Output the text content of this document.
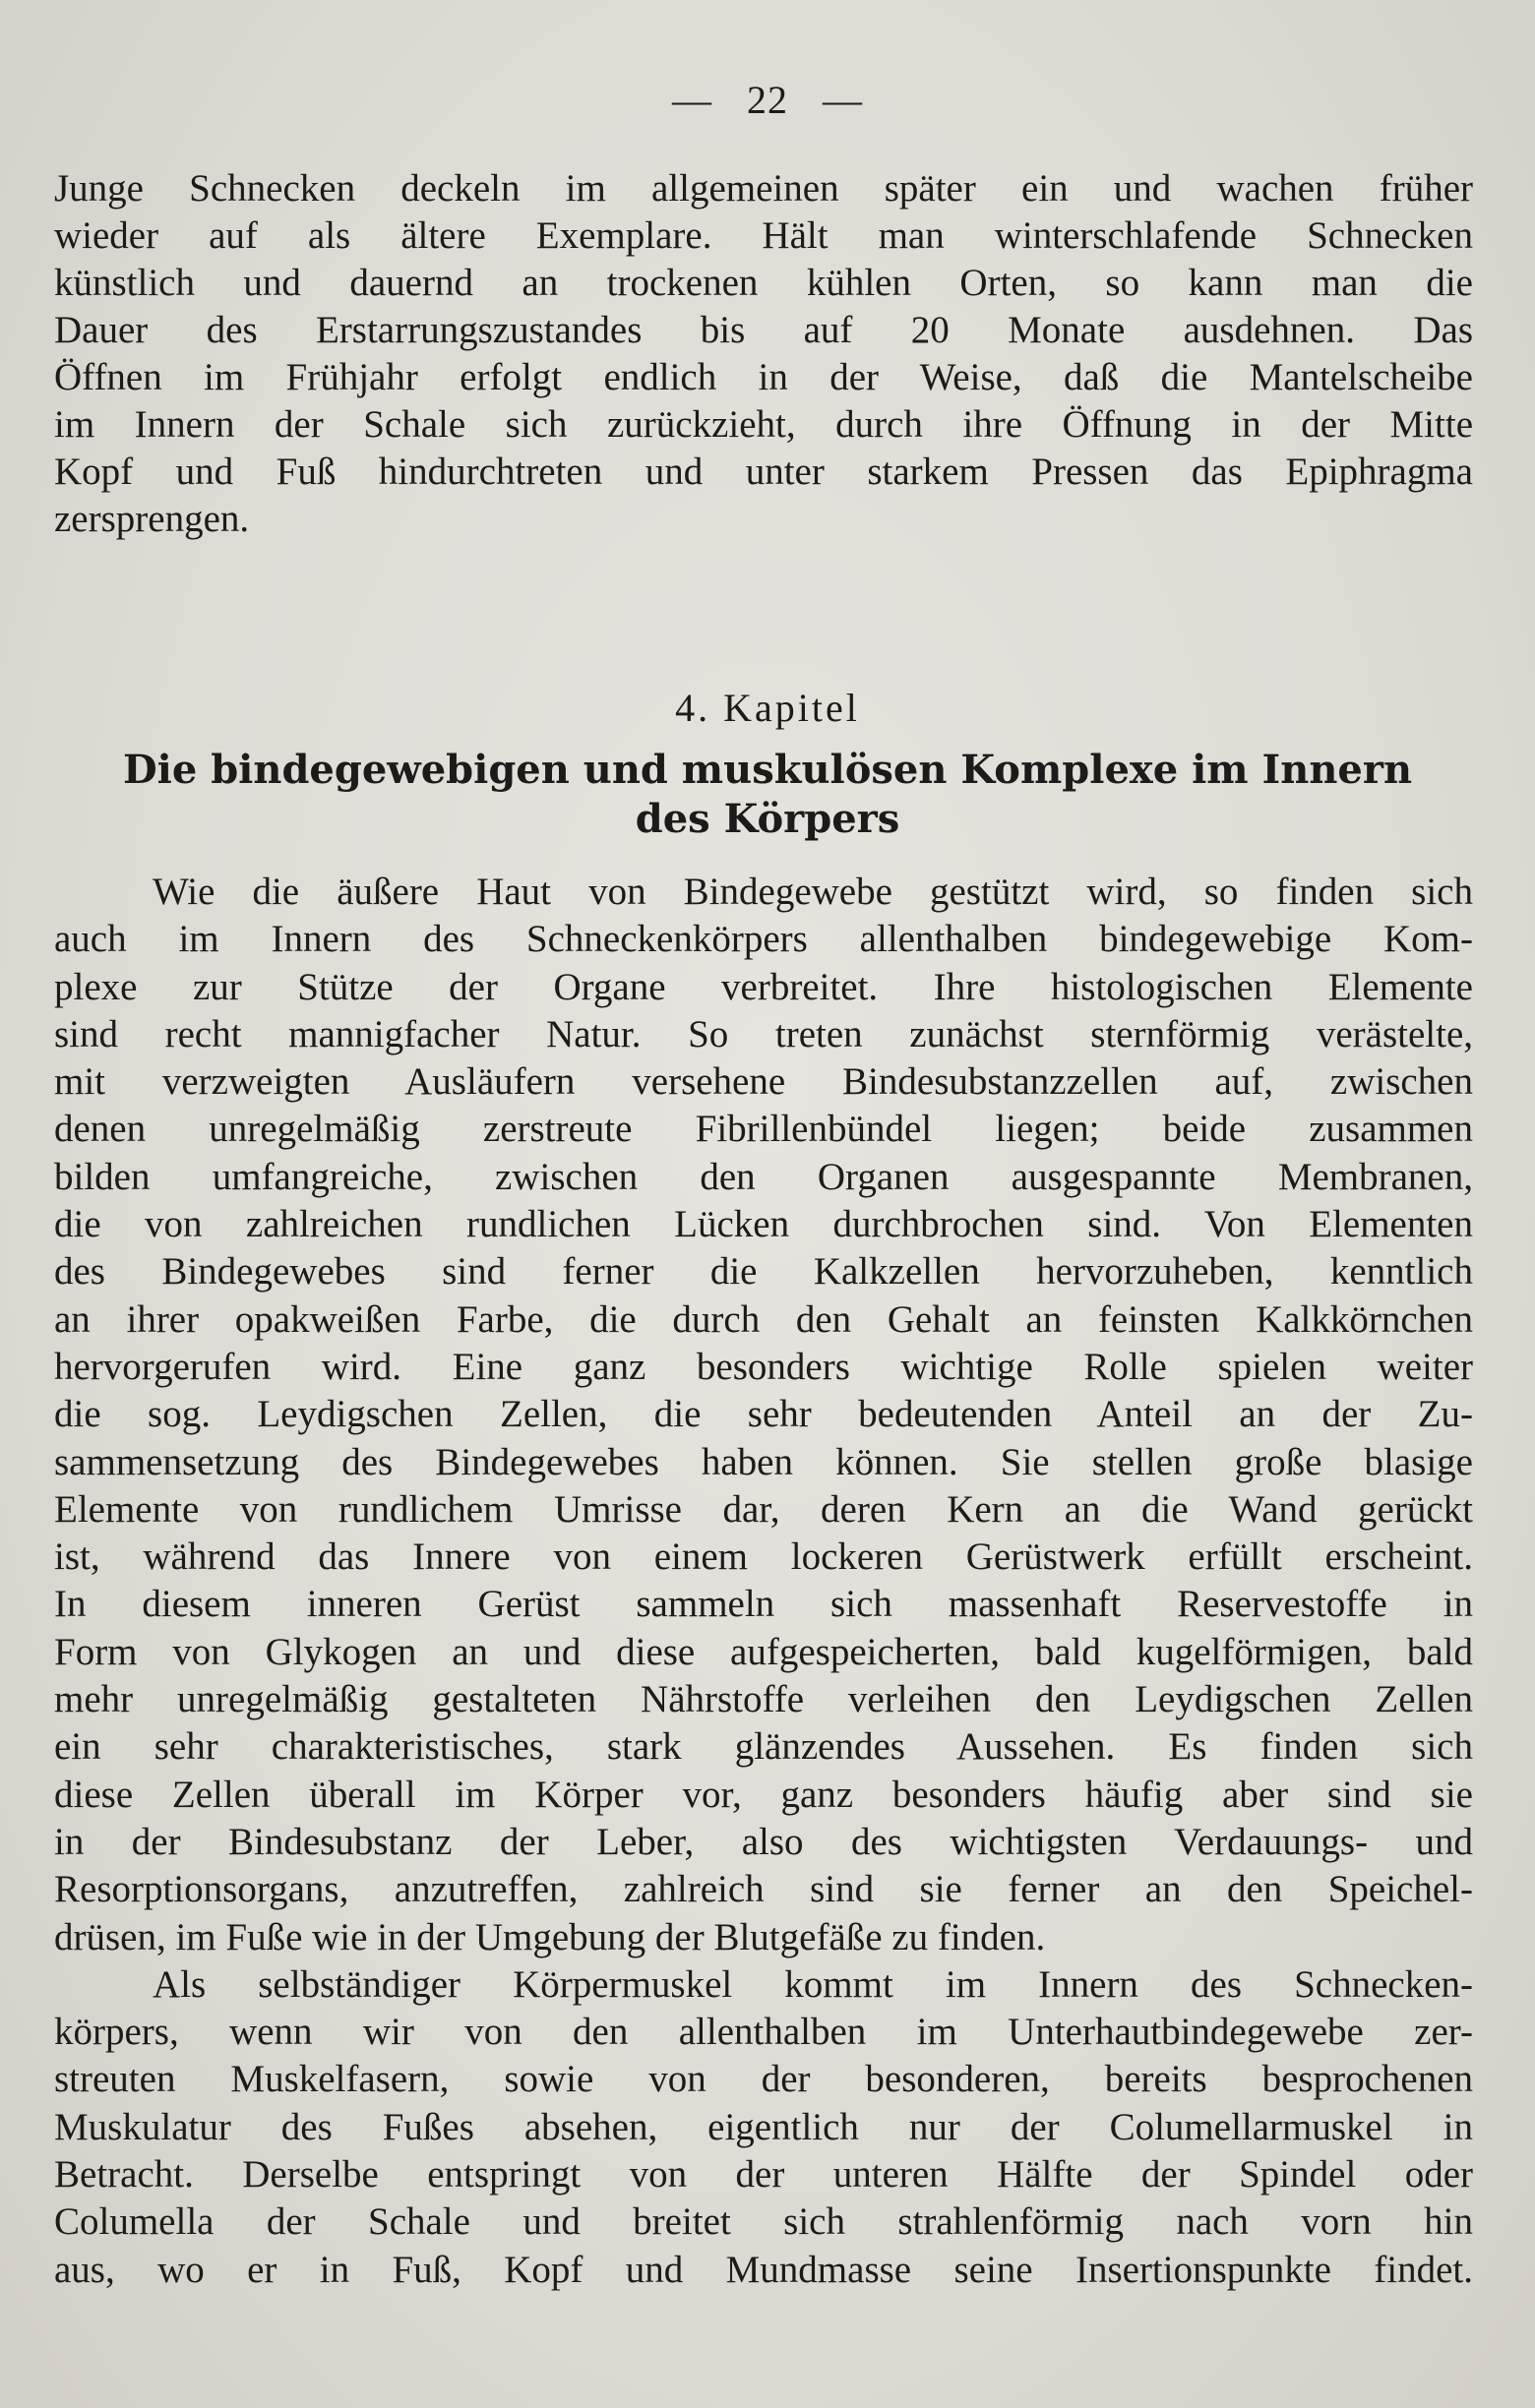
— 22 —
Junge Schnecken deckeln im allgemeinen später ein und wachen früher
wieder auf als ältere Exemplare. Hält man winterschlafende Schnecken
künstlich und dauernd an trockenen kühlen Orten, so kann man die
Dauer des Erstarrungszustandes bis auf 20 Monate ausdehnen. Das
Öffnen im Frühjahr erfolgt endlich in der Weise, daß die Mantelscheibe
im Innern der Schale sich zurückzieht, durch ihre Öffnung in der Mitte
Kopf und Fuß hindurchtreten und unter starkem Pressen das Epiphragma
zersprengen.
4. Kapitel
Die bindegewebigen und muskulösen Komplexe im Innern
des Körpers
Wie die äußere Haut von Bindegewebe gestützt wird, so finden sich
auch im Innern des Schneckenkörpers allenthalben bindegewebige Kom-
plexe zur Stütze der Organe verbreitet. Ihre histologischen Elemente
sind recht mannigfacher Natur. So treten zunächst sternförmig verästelte,
mit verzweigten Ausläufern versehene Bindesubstanzzellen auf, zwischen
denen unregelmäßig zerstreute Fibrillenbündel liegen; beide zusammen
bilden umfangreiche, zwischen den Organen ausgespannte Membranen,
die von zahlreichen rundlichen Lücken durchbrochen sind. Von Elementen
des Bindegewebes sind ferner die Kalkzellen hervorzuheben, kenntlich
an ihrer opakweißen Farbe, die durch den Gehalt an feinsten Kalkkörnchen
hervorgerufen wird. Eine ganz besonders wichtige Rolle spielen weiter
die sog. Leydigschen Zellen, die sehr bedeutenden Anteil an der Zu-
sammensetzung des Bindegewebes haben können. Sie stellen große blasige
Elemente von rundlichem Umrisse dar, deren Kern an die Wand gerückt
ist, während das Innere von einem lockeren Gerüstwerk erfüllt erscheint.
In diesem inneren Gerüst sammeln sich massenhaft Reservestoffe in
Form von Glykogen an und diese aufgespeicherten, bald kugelförmigen, bald
mehr unregelmäßig gestalteten Nährstoffe verleihen den Leydigschen Zellen
ein sehr charakteristisches, stark glänzendes Aussehen. Es finden sich
diese Zellen überall im Körper vor, ganz besonders häufig aber sind sie
in der Bindesubstanz der Leber, also des wichtigsten Verdauungs- und
Resorptionsorgans, anzutreffen, zahlreich sind sie ferner an den Speichel-
drüsen, im Fuße wie in der Umgebung der Blutgefäße zu finden.
Als selbständiger Körpermuskel kommt im Innern des Schnecken-
körpers, wenn wir von den allenthalben im Unterhautbindegewebe zer-
streuten Muskelfasern, sowie von der besonderen, bereits besprochenen
Muskulatur des Fußes absehen, eigentlich nur der Columellarmuskel in
Betracht. Derselbe entspringt von der unteren Hälfte der Spindel oder
Columella der Schale und breitet sich strahlenförmig nach vorn hin
aus, wo er in Fuß, Kopf und Mundmasse seine Insertionspunkte findet.
